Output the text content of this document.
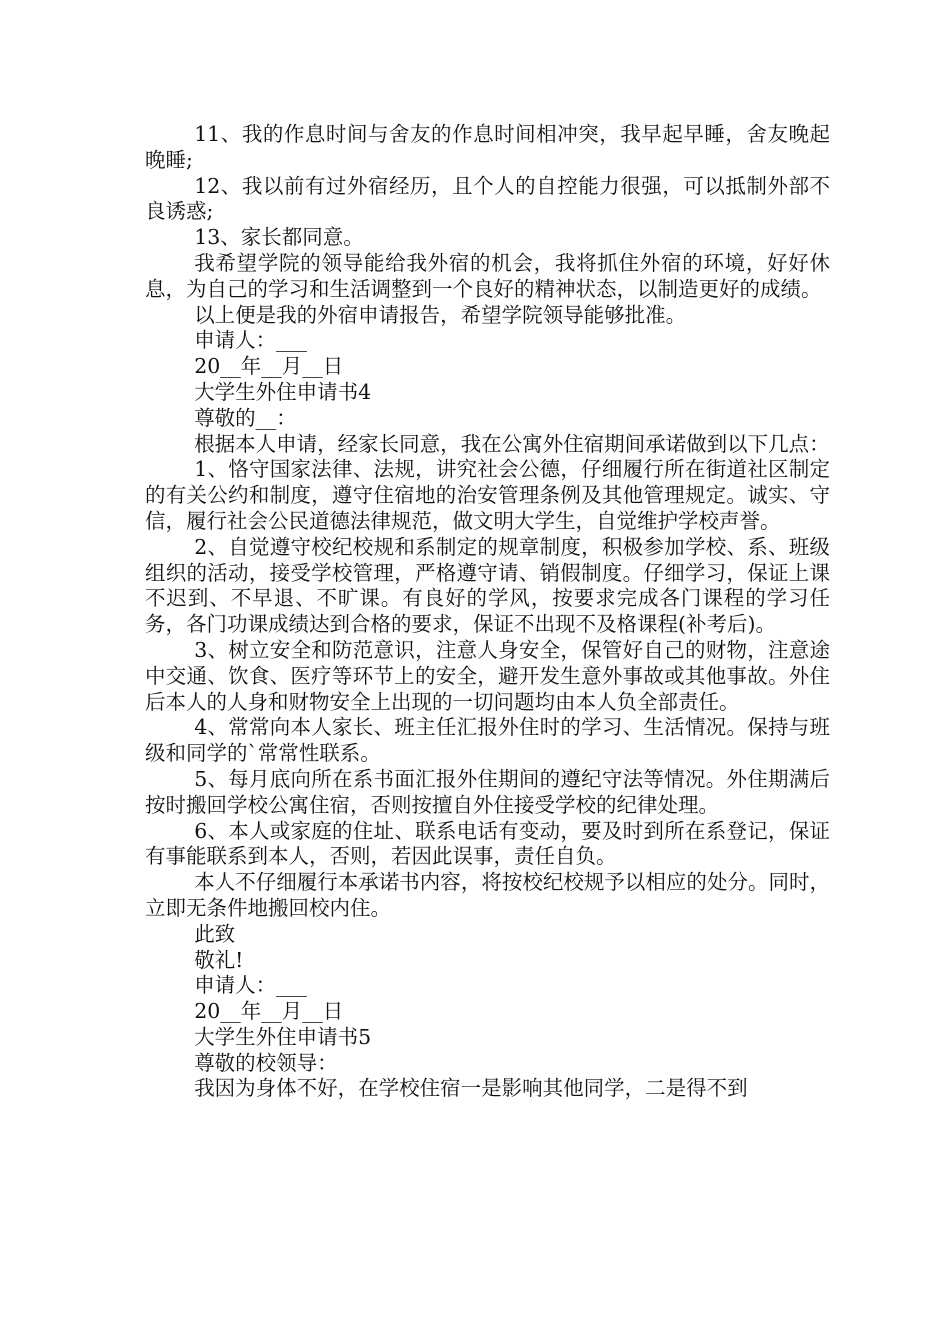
11、我的作息时间与舍友的作息时间相冲突，我早起早睡，舍友晚起晚睡;

12、我以前有过外宿经历，且个人的自控能力很强，可以抵制外部不良诱惑;

13、家长都同意。

我希望学院的领导能给我外宿的机会，我将抓住外宿的环境，好好休息，为自己的学习和生活调整到一个良好的精神状态，以制造更好的成绩。

以上便是我的外宿申请报告，希望学院领导能够批准。

申请人：___

20__年__月__日

大学生外住申请书4

尊敬的__：

根据本人申请，经家长同意，我在公寓外住宿期间承诺做到以下几点：

1、恪守国家法律、法规，讲究社会公德，仔细履行所在街道社区制定的有关公约和制度，遵守住宿地的治安管理条例及其他管理规定。诚实、守信，履行社会公民道德法律规范，做文明大学生，自觉维护学校声誉。

2、自觉遵守校纪校规和系制定的规章制度，积极参加学校、系、班级组织的活动，接受学校管理，严格遵守请、销假制度。仔细学习，保证上课不迟到、不早退、不旷课。有良好的学风，按要求完成各门课程的学习任务，各门功课成绩达到合格的要求，保证不出现不及格课程(补考后)。

3、树立安全和防范意识，注意人身安全，保管好自己的财物，注意途中交通、饮食、医疗等环节上的安全，避开发生意外事故或其他事故。外住后本人的人身和财物安全上出现的一切问题均由本人负全部责任。

4、常常向本人家长、班主任汇报外住时的学习、生活情况。保持与班级和同学的`常常性联系。

5、每月底向所在系书面汇报外住期间的遵纪守法等情况。外住期满后按时搬回学校公寓住宿，否则按擅自外住接受学校的纪律处理。

6、本人或家庭的住址、联系电话有变动，要及时到所在系登记，保证有事能联系到本人，否则，若因此误事，责任自负。

本人不仔细履行本承诺书内容，将按校纪校规予以相应的处分。同时，立即无条件地搬回校内住。

此致

敬礼!

申请人：___

20__年__月__日

大学生外住申请书5

尊敬的校领导：

我因为身体不好，在学校住宿一是影响其他同学，二是得不到
